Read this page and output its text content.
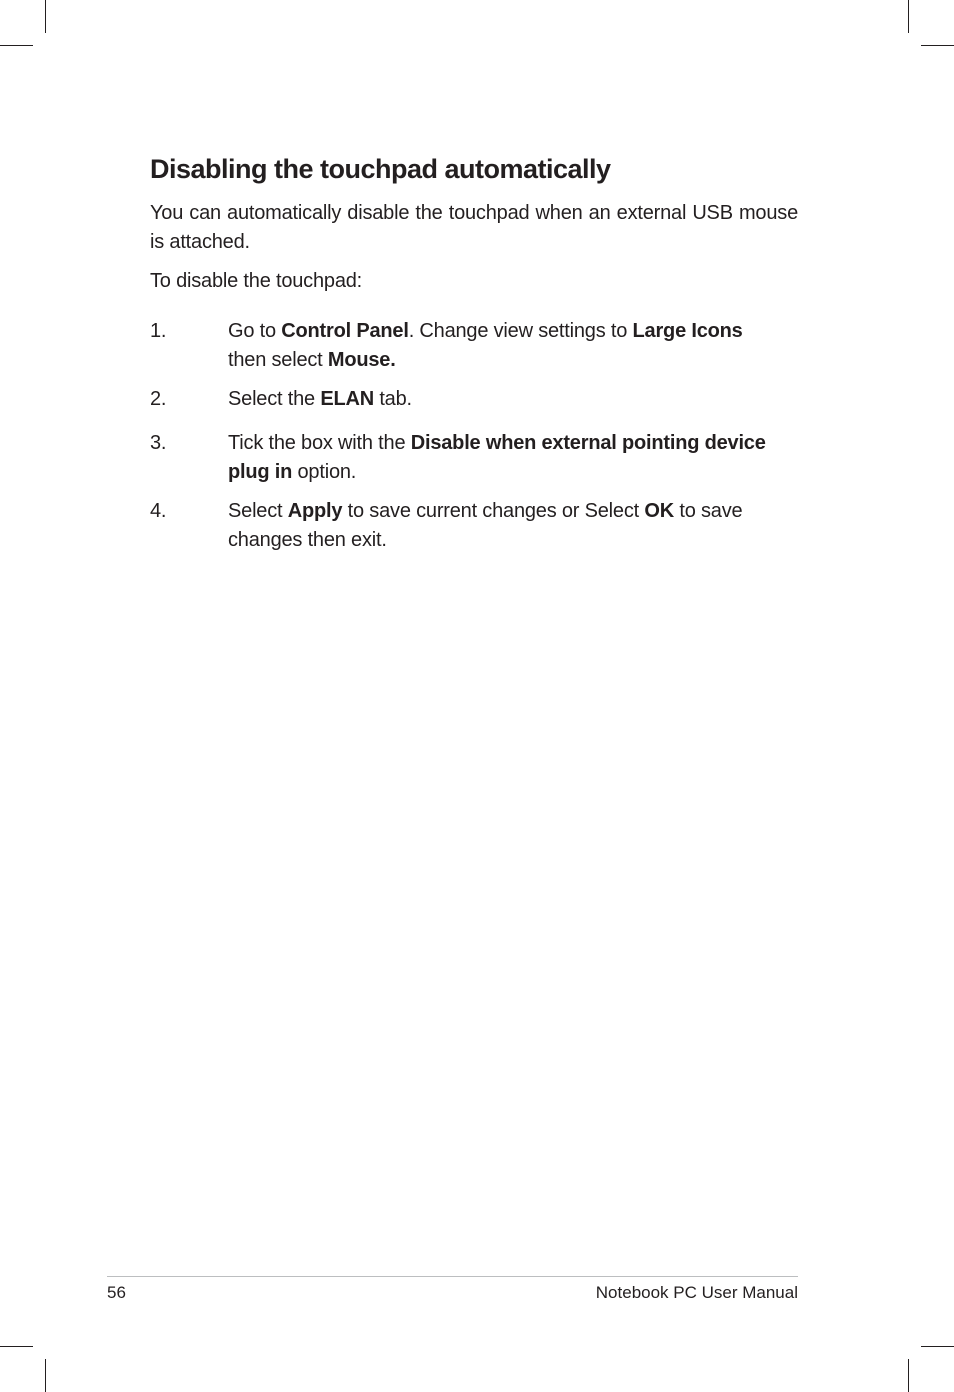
Disabling the touchpad automatically

You can automatically disable the touchpad when an external USB mouse is attached.

To disable the touchpad:

1.	Go to Control Panel. Change view settings to Large Icons
then select Mouse.
2.	Select the ELAN tab.
3.	Tick the box with the Disable when external pointing device plug in option.
4.	Select Apply to save current changes or Select OK to save changes then exit.
56	Notebook PC User Manual
